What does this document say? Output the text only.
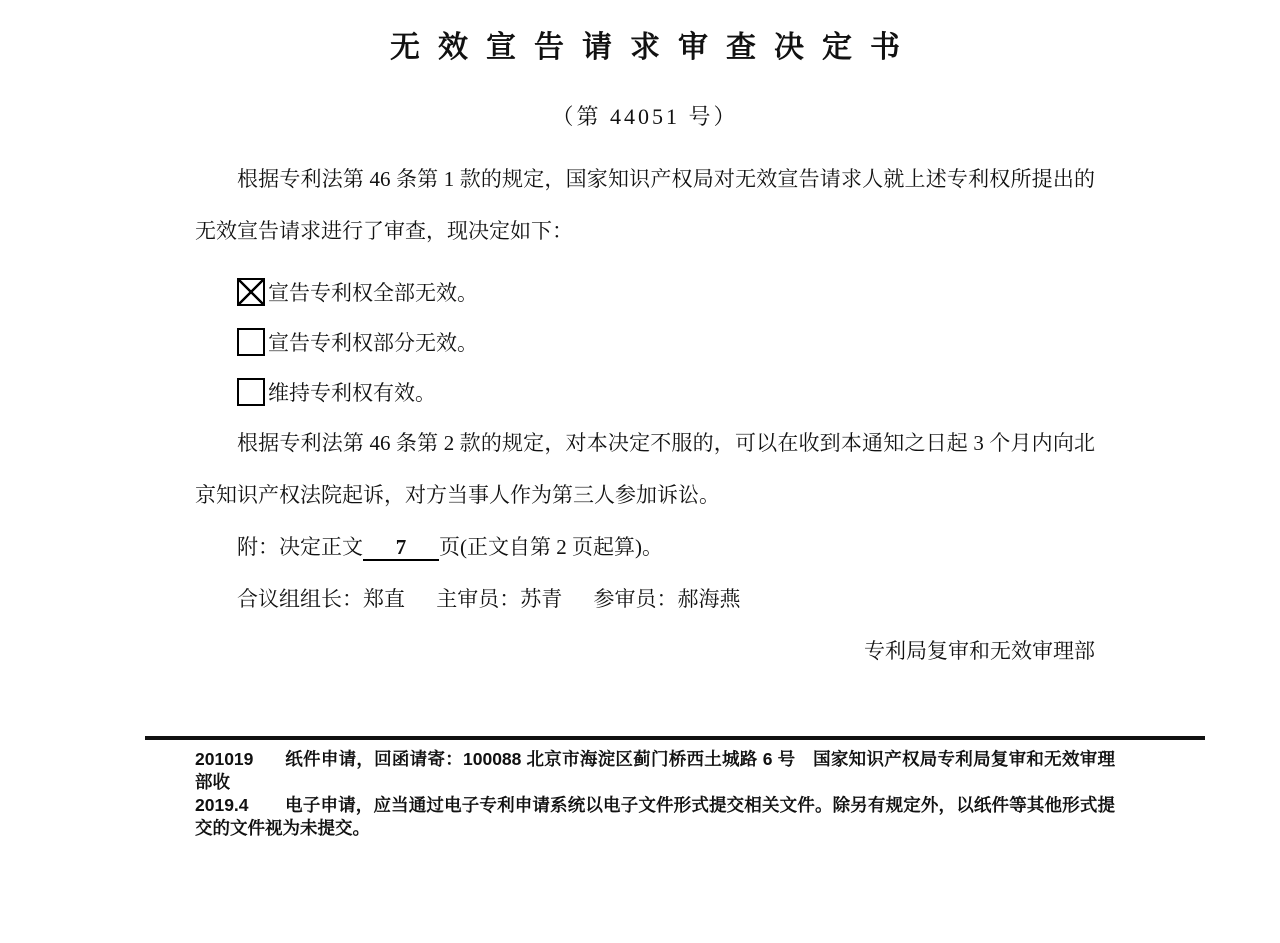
无效宣告请求审查决定书
（第 44051 号）
根据专利法第 46 条第 1 款的规定，国家知识产权局对无效宣告请求人就上述专利权所提出的无效宣告请求进行了审查，现决定如下：
宣告专利权全部无效。
宣告专利权部分无效。
维持专利权有效。
根据专利法第 46 条第 2 款的规定，对本决定不服的，可以在收到本通知之日起 3 个月内向北京知识产权法院起诉，对方当事人作为第三人参加诉讼。
附：决定正文 7 页(正文自第 2 页起算)。
合议组组长：郑直 主审员：苏青 参审员：郝海燕
专利局复审和无效审理部
201019 纸件申请，回函请寄：100088 北京市海淀区蓟门桥西土城路 6 号　国家知识产权局专利局复审和无效审理部收
2019.4 电子申请，应当通过电子专利申请系统以电子文件形式提交相关文件。除另有规定外，以纸件等其他形式提交的文件视为未提交。
